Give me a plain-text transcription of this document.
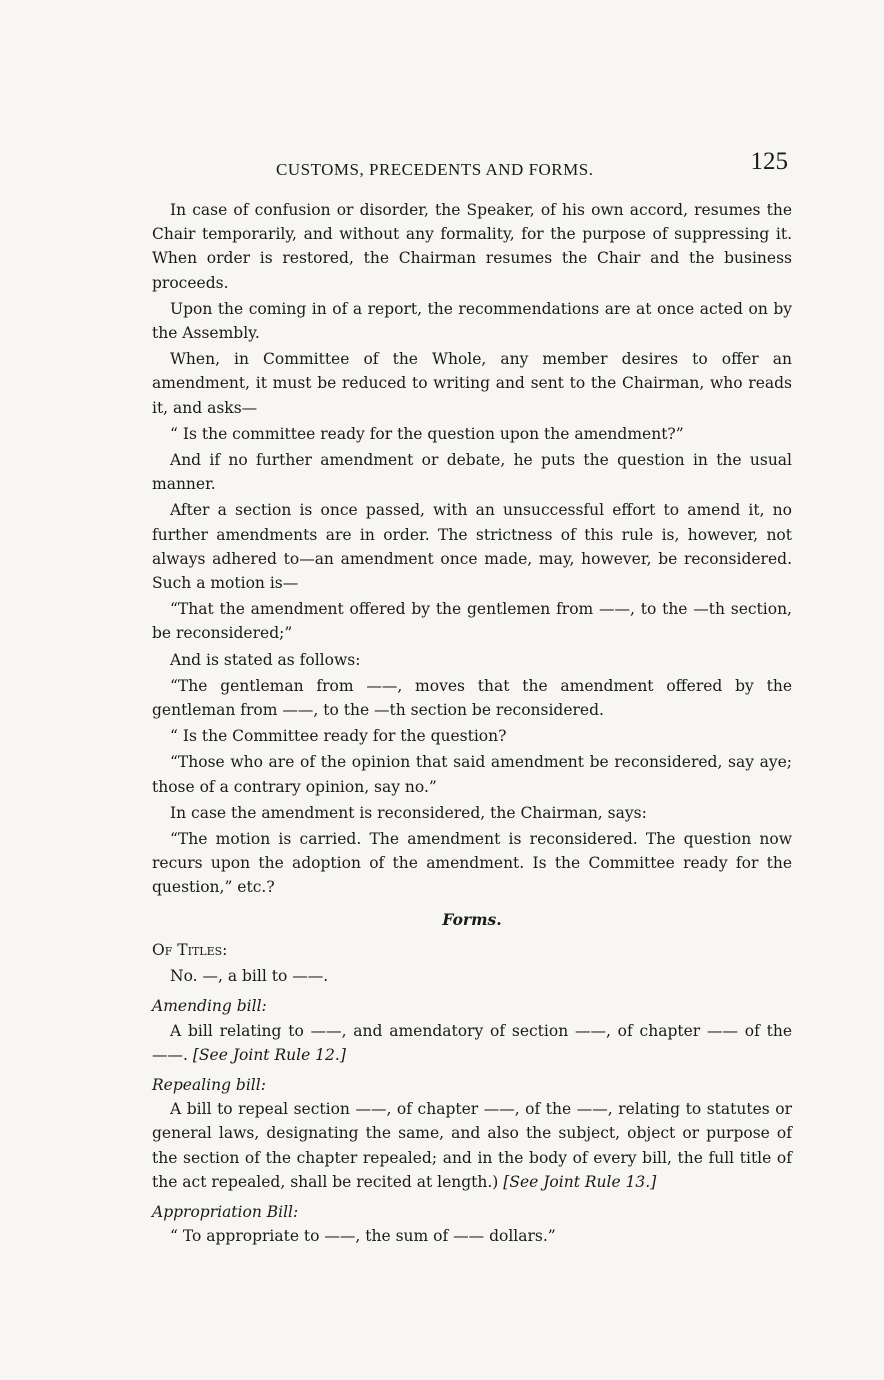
CUSTOMS, PRECEDENTS AND FORMS.	125

In case of confusion or disorder, the Speaker, of his own accord, resumes the Chair temporarily, and without any formality, for the purpose of suppressing it. When order is restored, the Chairman resumes the Chair and the business proceeds.

Upon the coming in of a report, the recommendations are at once acted on by the Assembly.

When, in Committee of the Whole, any member desires to offer an amendment, it must be reduced to writing and sent to the Chairman, who reads it, and asks—

“ Is the committee ready for the question upon the amendment?”

And if no further amendment or debate, he puts the question in the usual manner.

After a section is once passed, with an unsuccessful effort to amend it, no further amendments are in order. The strictness of this rule is, however, not always adhered to—an amendment once made, may, however, be reconsidered. Such a motion is—

“That the amendment offered by the gentlemen from ——, to the —th section, be reconsidered;”

And is stated as follows:

“The gentleman from ——, moves that the amendment offered by the gentleman from ——, to the —th section be reconsidered.

“ Is the Committee ready for the question?

“Those who are of the opinion that said amendment be reconsidered, say aye; those of a contrary opinion, say no.”

In case the amendment is reconsidered, the Chairman, says:

“The motion is carried. The amendment is reconsidered. The question now recurs upon the adoption of the amendment. Is the Committee ready for the question,” etc.?

Forms.

Of Titles:

No. —, a bill to ——.

Amending bill:

A bill relating to ——, and amendatory of section ——, of chapter —— of the ——. [See Joint Rule 12.]

Repealing bill:

A bill to repeal section ——, of chapter ——, of the ——, relating to statutes or general laws, designating the same, and also the subject, object or purpose of the section of the chapter repealed; and in the body of every bill, the full title of the act repealed, shall be recited at length.) [See Joint Rule 13.]

Appropriation Bill:

“ To appropriate to ——, the sum of —— dollars.”
